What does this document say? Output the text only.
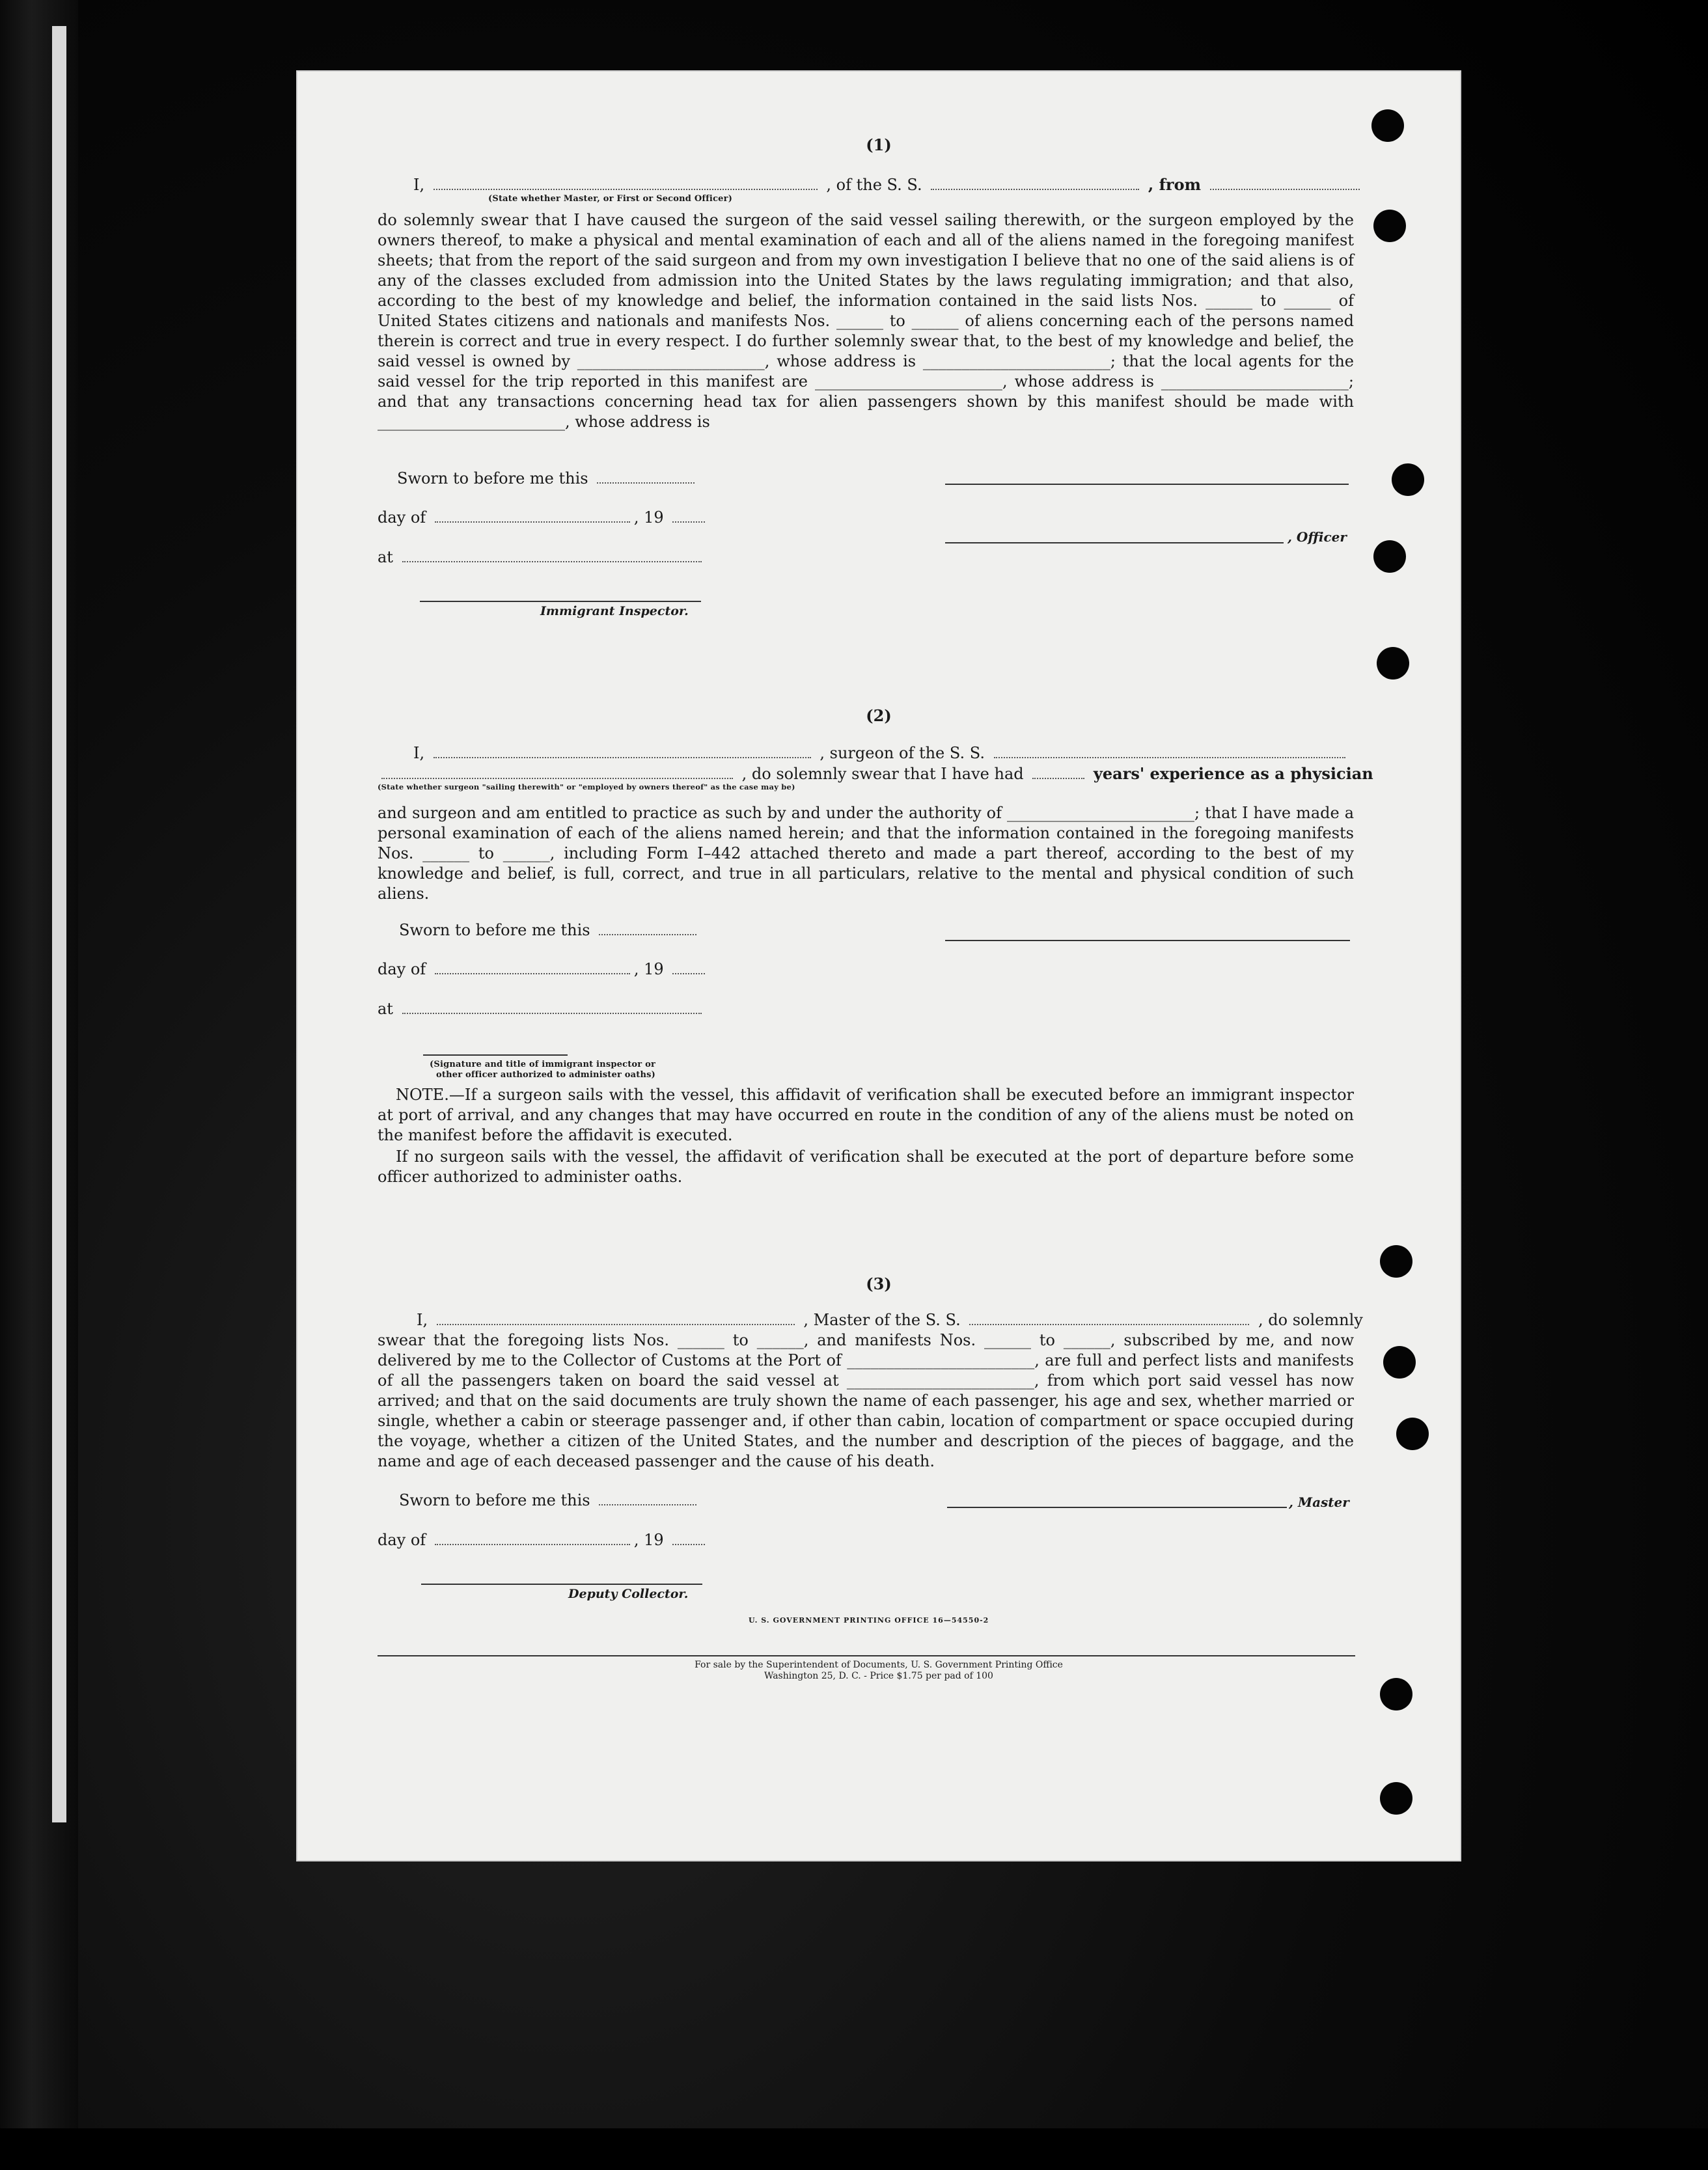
(1)
I,	, of the S. S.	, from
(State whether Master, or First or Second Officer)
do solemnly swear that I have caused the surgeon of the said vessel sailing therewith, or the surgeon employed by the owners thereof, to make a physical and mental examination of each and all of the aliens named in the foregoing manifest sheets; that from the report of the said surgeon and from my own investigation I believe that no one of the said aliens is of any of the classes excluded from admission into the United States by the laws regulating immigration; and that also, according to the best of my knowledge and belief, the information contained in the said lists Nos. ______ to ______ of United States citizens and nationals and manifests Nos. ______ to ______ of aliens concerning each of the persons named therein is correct and true in every respect. I do further solemnly swear that, to the best of my knowledge and belief, the said vessel is owned by ________________________, whose address is ________________________; that the local agents for the said vessel for the trip reported in this manifest are ________________________, whose address is ________________________; and that any transactions concerning head tax for alien passengers shown by this manifest should be made with ________________________, whose address is
Sworn to before me this
day of	, 19
, Officer
at
Immigrant Inspector.
(2)
I,	, surgeon of the S. S.
, do solemnly swear that I have had	years' experience as a physician
(State whether surgeon "sailing therewith" or "employed by owners thereof" as the case may be)
and surgeon and am entitled to practice as such by and under the authority of ________________________; that I have made a personal examination of each of the aliens named herein; and that the information contained in the foregoing manifests Nos. ______ to ______, including Form I–442 attached thereto and made a part thereof, according to the best of my knowledge and belief, is full, correct, and true in all particulars, relative to the mental and physical condition of such aliens.
Sworn to before me this
day of	, 19
at
(Signature and title of immigrant inspector or
other officer authorized to administer oaths)
NOTE.—If a surgeon sails with the vessel, this affidavit of verification shall be executed before an immigrant inspector at port of arrival, and any changes that may have occurred en route in the condition of any of the aliens must be noted on the manifest before the affidavit is executed.
If no surgeon sails with the vessel, the affidavit of verification shall be executed at the port of departure before some officer authorized to administer oaths.
(3)
I,	, Master of the S. S.	, do solemnly
swear that the foregoing lists Nos. ______ to ______, and manifests Nos. ______ to ______, subscribed by me, and now delivered by me to the Collector of Customs at the Port of ________________________, are full and perfect lists and manifests of all the passengers taken on board the said vessel at ________________________, from which port said vessel has now arrived; and that on the said documents are truly shown the name of each passenger, his age and sex, whether married or single, whether a cabin or steerage passenger and, if other than cabin, location of compartment or space occupied during the voyage, whether a citizen of the United States, and the number and description of the pieces of baggage, and the name and age of each deceased passenger and the cause of his death.
Sworn to before me this	, Master
day of	, 19
Deputy Collector.
U. S. GOVERNMENT PRINTING OFFICE 16—54550-2
For sale by the Superintendent of Documents, U. S. Government Printing Office
Washington 25, D. C. - Price $1.75 per pad of 100
